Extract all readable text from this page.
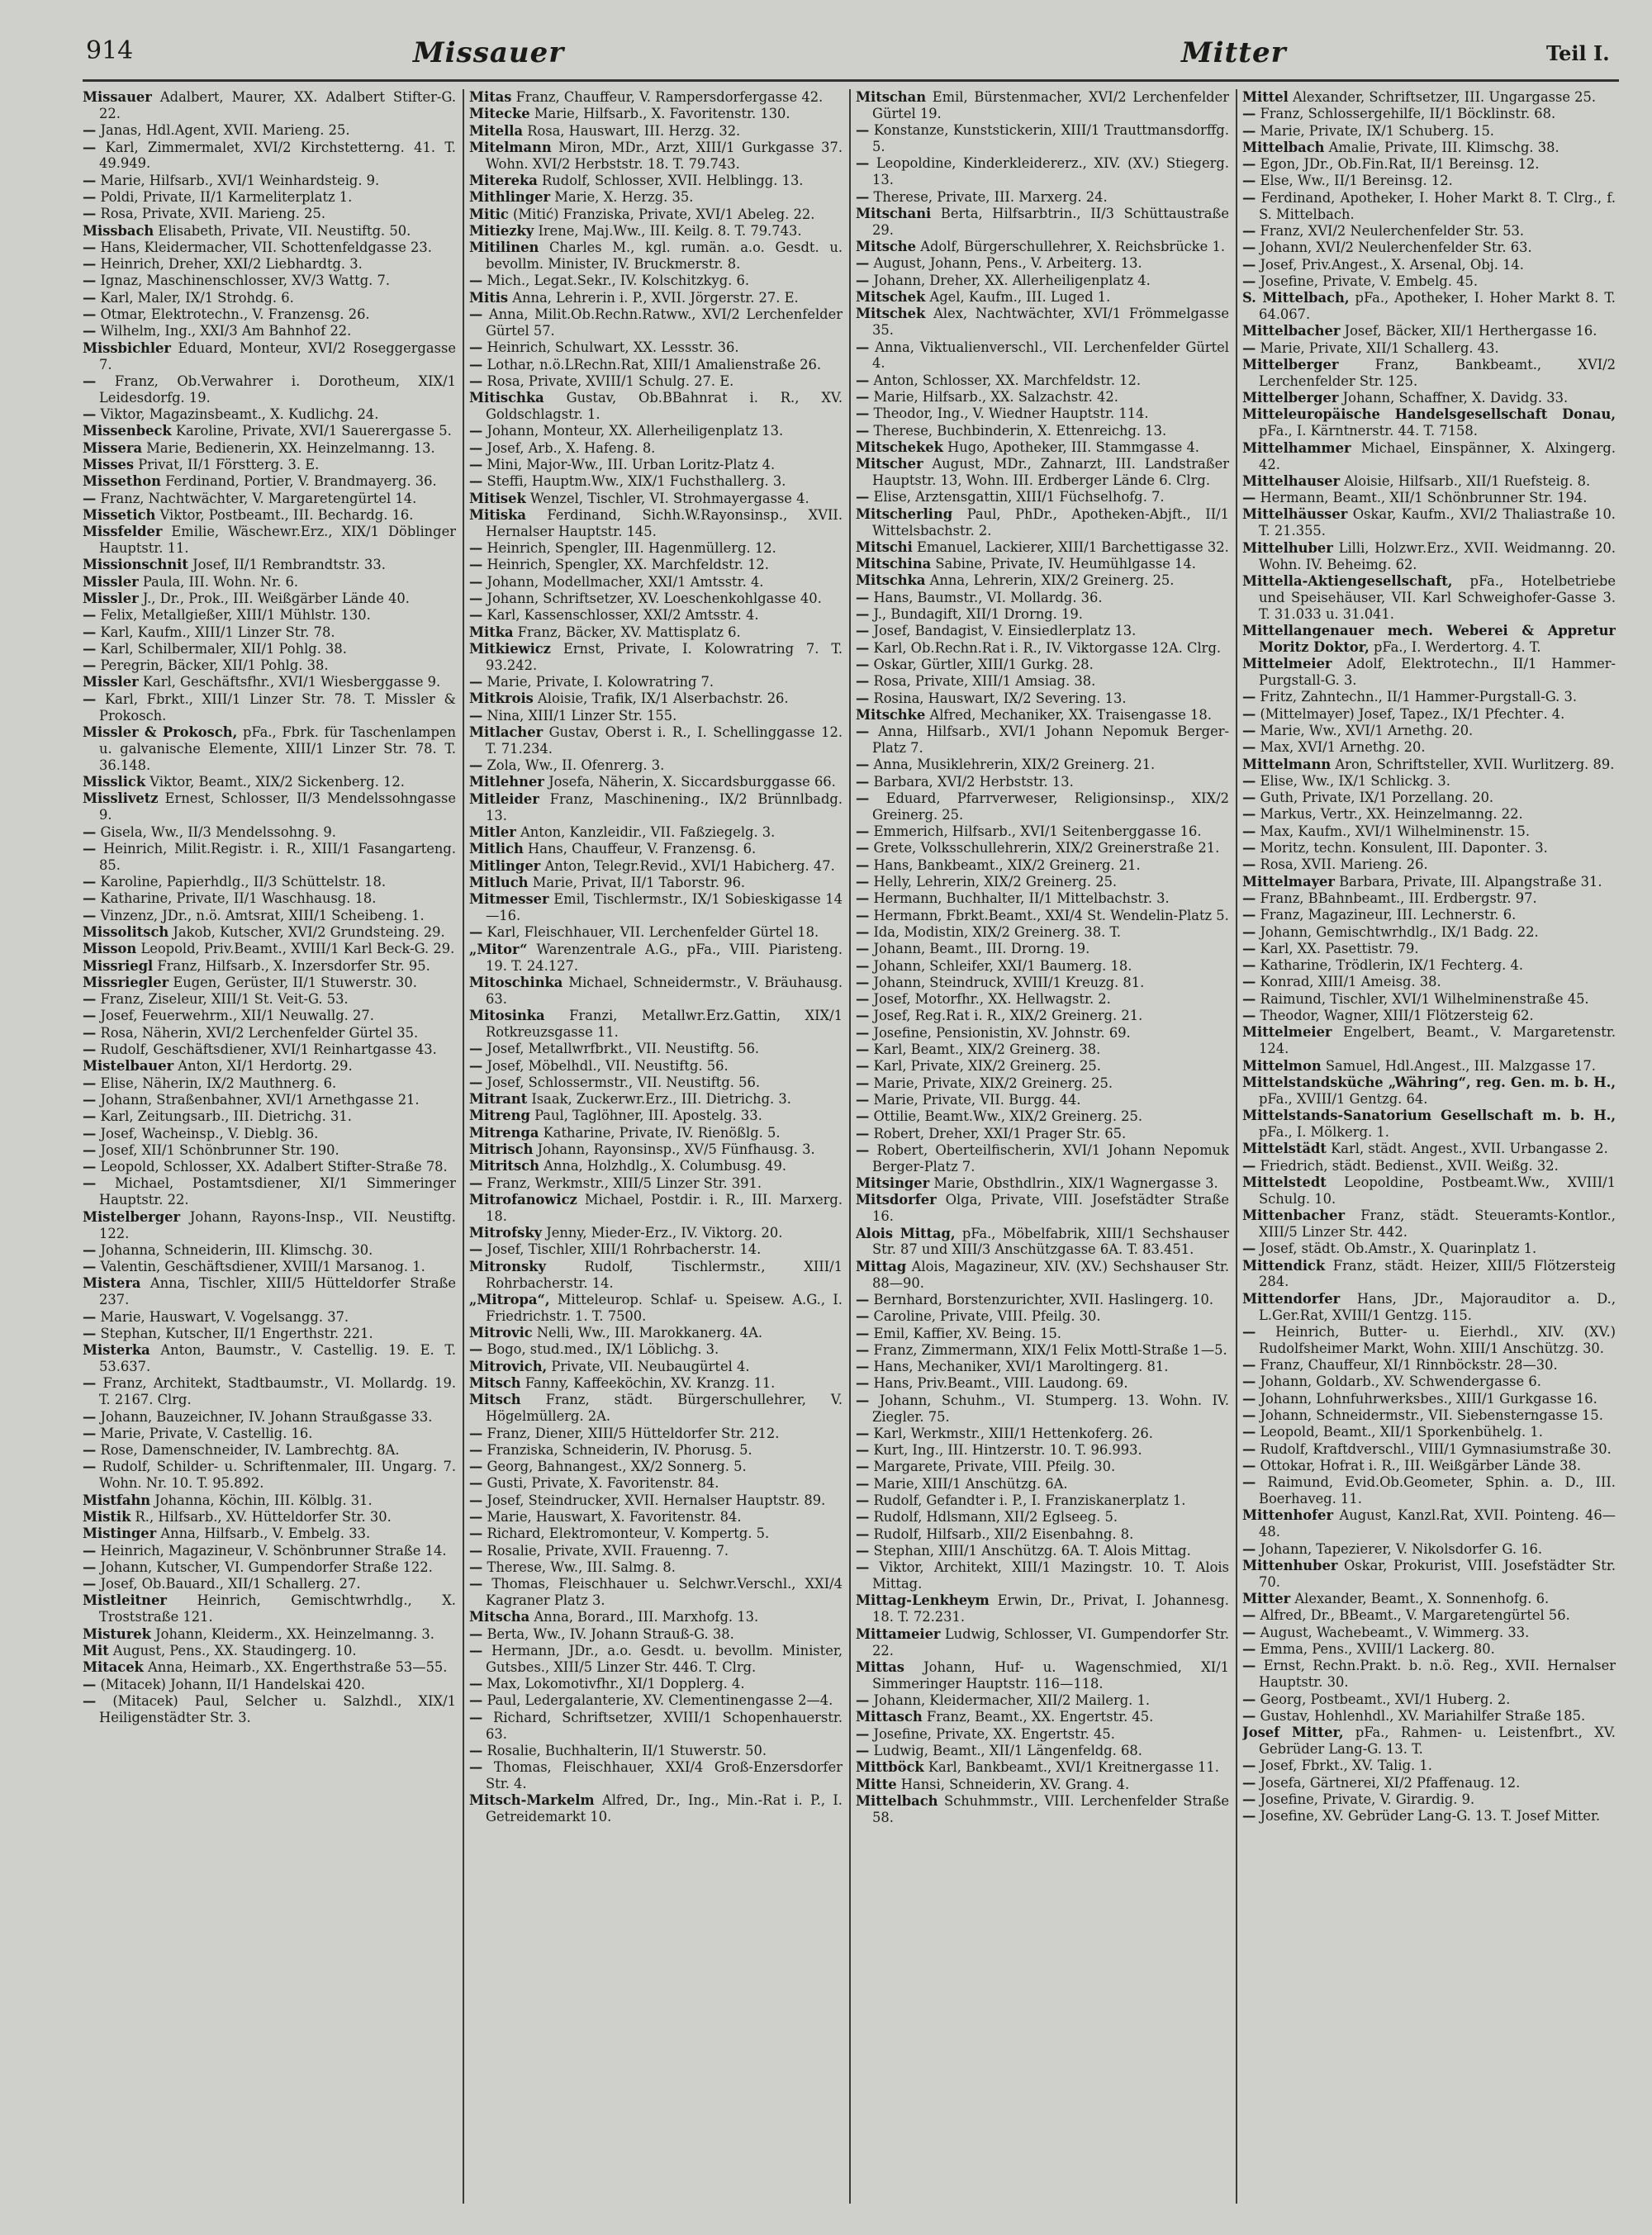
914	Missauer	Mitter	Teil I.
Missauer Adalbert, Maurer, XX. Adalbert Stifter-G. 22.
— Janas, Hdl.Agent, XVII. Marieng. 25.
— Karl, Zimmermalet, XVI/2 Kirchstetterng. 41. T. 49.949.
— Marie, Hilfsarb., XVI/1 Weinhardsteig. 9.
— Poldi, Private, II/1 Karmeliterplatz 1.
— Rosa, Private, XVII. Marieng. 25.
Missbach Elisabeth, Private, VII. Neustiftg. 50.
— Hans, Kleidermacher, VII. Schottenfeldgasse 23.
— Heinrich, Dreher, XXI/2 Liebhardtg. 3.
— Ignaz, Maschinenschlosser, XV/3 Wattg. 7.
— Karl, Maler, IX/1 Strohdg. 6.
— Otmar, Elektrotechn., V. Franzensg. 26.
— Wilhelm, Ing., XXI/3 Am Bahnhof 22.
Missbichler Eduard, Monteur, XVI/2 Roseggergasse 7.
— Franz, Ob.Verwahrer i. Dorotheum, XIX/1 Leidesdorfg. 19.
— Viktor, Magazinsbeamt., X. Kudlichg. 24.
Missenbeck Karoline, Private, XVI/1 Sauerergasse 5.
Missera Marie, Bedienerin, XX. Heinzelmanng. 13.
Misses Privat, II/1 Förstterg. 3. E.
Missethon Ferdinand, Portier, V. Brandmayerg. 36.
— Franz, Nachtwächter, V. Margaretengürtel 14.
Missetich Viktor, Postbeamt., III. Bechardg. 16.
Missfelder Emilie, Wäschewr.Erz., XIX/1 Döblinger Hauptstr. 11.
Missionschnit Josef, II/1 Rembrandtstr. 33.
Missler Paula, III. Wohn. Nr. 6.
Missler J., Dr., Prok., III. Weißgärber Lände 40.
— Felix, Metallgießer, XIII/1 Mühlstr. 130.
— Karl, Kaufm., XIII/1 Linzer Str. 78.
— Karl, Schilbermaler, XII/1 Pohlg. 38.
— Peregrin, Bäcker, XII/1 Pohlg. 38.
Missler Karl, Geschäftsfhr., XVI/1 Wiesberggasse 9.
— Karl, Fbrkt., XIII/1 Linzer Str. 78. T. Missler & Prokosch.
Missler & Prokosch, pFa., Fbrk. für Taschenlampen u. galvanische Elemente, XIII/1 Linzer Str. 78. T. 36.148.
Misslick Viktor, Beamt., XIX/2 Sickenberg. 12.
Misslivetz Ernest, Schlosser, II/3 Mendelssohngasse 9.
— Gisela, Ww., II/3 Mendelssohng. 9.
— Heinrich, Milit.Registr. i. R., XIII/1 Fasangarteng. 85.
— Karoline, Papierhdlg., II/3 Schüttelstr. 18.
— Katharine, Private, II/1 Waschhausg. 18.
— Vinzenz, JDr., n.ö. Amtsrat, XIII/1 Scheibeng. 1.
Missolitsch Jakob, Kutscher, XVI/2 Grundsteing. 29.
Misson Leopold, Priv.Beamt., XVIII/1 Karl Beck-G. 29.
Missriegl Franz, Hilfsarb., X. Inzersdorfer Str. 95.
Missriegler Eugen, Gerüster, II/1 Stuwerstr. 30.
— Franz, Ziseleur, XIII/1 St. Veit-G. 53.
— Josef, Feuerwehrm., XII/1 Neuwallg. 27.
— Rosa, Näherin, XVI/2 Lerchenfelder Gürtel 35.
— Rudolf, Geschäftsdiener, XVI/1 Reinhartgasse 43.
Mistelbauer Anton, XI/1 Herdortg. 29.
— Elise, Näherin, IX/2 Mauthnerg. 6.
— Johann, Straßenbahner, XVI/1 Arnethgasse 21.
— Karl, Zeitungsarb., III. Dietrichg. 31.
— Josef, Wacheinsp., V. Dieblg. 36.
— Josef, XII/1 Schönbrunner Str. 190.
— Leopold, Schlosser, XX. Adalbert Stifter-Straße 78.
— Michael, Postamtsdiener, XI/1 Simmeringer Hauptstr. 22.
Mistelberger Johann, Rayons-Insp., VII. Neustiftg. 122.
— Johanna, Schneiderin, III. Klimschg. 30.
— Valentin, Geschäftsdiener, XVIII/1 Marsanog. 1.
Misterа Anna, Tischler, XIII/5 Hütteldorfer Straße 237.
— Marie, Hauswart, V. Vogelsangg. 37.
— Stephan, Kutscher, II/1 Engerthstr. 221.
Misterka Anton, Baumstr., V. Castellig. 19. E. T. 53.637.
— Franz, Architekt, Stadtbaumstr., VI. Mollardg. 19. T. 2167. Clrg.
— Johann, Bauzeichner, IV. Johann Straußgasse 33.
— Marie, Private, V. Castellig. 16.
— Rose, Damenschneider, IV. Lambrechtg. 8A.
— Rudolf, Schilder- u. Schriftenmaler, III. Ungarg. 7. Wohn. Nr. 10. T. 95.892.
Mistfahn Johanna, Köchin, III. Kölblg. 31.
Mistik R., Hilfsarb., XV. Hütteldorfer Str. 30.
Mistinger Anna, Hilfsarb., V. Embelg. 33.
— Heinrich, Magazineur, V. Schönbrunner Straße 14.
— Johann, Kutscher, VI. Gumpendorfer Straße 122.
— Josef, Ob.Bauard., XII/1 Schallerg. 27.
Mistleitner Heinrich, Gemischtwrhdlg., X. Troststraße 121.
Misturek Johann, Kleiderm., XX. Heinzelmanng. 3.
Mit August, Pens., XX. Staudingerg. 10.
Mitacek Anna, Heimarb., XX. Engerthstraße 53—55.
— (Mitacek) Johann, II/1 Handelskai 420.
— (Mitacek) Paul, Selcher u. Salzhdl., XIX/1 Heiligenstädter Str. 3.
Mitas Franz, Chauffeur, V. Rampersdorfergasse 42.
Mitecke Marie, Hilfsarb., X. Favoritenstr. 130.
Mitella Rosa, Hauswart, III. Herzg. 32.
Mitelmann Miron, MDr., Arzt, XIII/1 Gurkgasse 37. Wohn. XVI/2 Herbststr. 18. T. 79.743.
Mitereka Rudolf, Schlosser, XVII. Helblingg. 13.
Mithlinger Marie, X. Herzg. 35.
Mitic (Mitić) Franziska, Private, XVI/1 Abeleg. 22.
Mitiezky Irene, Maj.Ww., III. Keilg. 8. T. 79.743.
Mitilinen Charles M., kgl. rumän. a.o. Gesdt. u. bevollm. Minister, IV. Bruckmerstr. 8.
— Mich., Legat.Sekr., IV. Kolschitzkyg. 6.
Mitis Anna, Lehrerin i. P., XVII. Jörgerstr. 27. E.
— Anna, Milit.Ob.Rechn.Ratww., XVI/2 Lerchenfelder Gürtel 57.
— Heinrich, Schulwart, XX. Lessstr. 36.
— Lothar, n.ö.LRechn.Rat, XIII/1 Amalienstraße 26.
— Rosa, Private, XVIII/1 Schulg. 27. E.
Mitischka Gustav, Ob.BBahnrat i. R., XV. Goldschlagstr. 1.
— Johann, Monteur, XX. Allerheiligenplatz 13.
— Josef, Arb., X. Hafeng. 8.
— Mini, Major-Ww., III. Urban Loritz-Platz 4.
— Steffi, Hauptm.Ww., XIX/1 Fuchsthallerg. 3.
Mitisek Wenzel, Tischler, VI. Strohmayergasse 4.
Mitiska Ferdinand, Sichh.W.Rayonsinsp., XVII. Hernalser Hauptstr. 145.
— Heinrich, Spengler, III. Hagenmüllerg. 12.
— Heinrich, Spengler, XX. Marchfeldstr. 12.
— Johann, Modellmacher, XXI/1 Amtsstr. 4.
— Johann, Schriftsetzer, XV. Loeschenkohlgasse 40.
— Karl, Kassenschlosser, XXI/2 Amtsstr. 4.
Mitka Franz, Bäcker, XV. Mattisplatz 6.
Mitkiewicz Ernst, Private, I. Kolowratring 7. T. 93.242.
— Marie, Private, I. Kolowratring 7.
Mitkrois Aloisie, Trafik, IX/1 Alserbachstr. 26.
— Nina, XIII/1 Linzer Str. 155.
Mitlacher Gustav, Oberst i. R., I. Schellinggasse 12. T. 71.234.
— Zola, Ww., II. Ofenrerg. 3.
Mitlehner Josefa, Näherin, X. Siccardsburggasse 66.
Mitleider Franz, Maschinening., IX/2 Brünnlbadg. 13.
Mitler Anton, Kanzleidir., VII. Faßziegelg. 3.
Mitlich Hans, Chauffeur, V. Franzensg. 6.
Mitlinger Anton, Telegr.Revid., XVI/1 Habicherg. 47.
Mitluch Marie, Privat, II/1 Taborstr. 96.
Mitmesser Emil, Tischlermstr., IX/1 Sobieskigasse 14—16.
— Karl, Fleischhauer, VII. Lerchenfelder Gürtel 18.
„Mitor“ Warenzentrale A.G., pFa., VIII. Piaristeng. 19. T. 24.127.
Mitoschinka Michael, Schneidermstr., V. Bräuhausg. 63.
Mitosinka Franzi, Metallwr.Erz.Gattin, XIX/1 Rotkreuzsgasse 11.
— Josef, Metallwrfbrkt., VII. Neustiftg. 56.
— Josef, Möbelhdl., VII. Neustiftg. 56.
— Josef, Schlossermstr., VII. Neustiftg. 56.
Mitrant Isaak, Zuckerwr.Erz., III. Dietrichg. 3.
Mitreng Paul, Taglöhner, III. Apostelg. 33.
Mitrenga Katharine, Private, IV. Rienößlg. 5.
Mitrisch Johann, Rayonsinsp., XV/5 Fünfhausg. 3.
Mitritsch Anna, Holzhdlg., X. Columbusg. 49.
— Franz, Werkmstr., XIII/5 Linzer Str. 391.
Mitrofanowicz Michael, Postdir. i. R., III. Marxerg. 18.
Mitrofsky Jenny, Mieder-Erz., IV. Viktorg. 20.
— Josef, Tischler, XIII/1 Rohrbacherstr. 14.
Mitronsky Rudolf, Tischlermstr., XIII/1 Rohrbacherstr. 14.
„Mitropa“, Mitteleurop. Schlaf- u. Speisew. A.G., I. Friedrichstr. 1. T. 7500.
Mitrovic Nelli, Ww., III. Marokkanerg. 4A.
— Bogo, stud.med., IX/1 Löblichg. 3.
Mitrovich, Private, VII. Neubaugürtel 4.
Mitsch Fanny, Kaffeeköchin, XV. Kranzg. 11.
Mitsch Franz, städt. Bürgerschullehrer, V. Högelmüllerg. 2A.
— Franz, Diener, XIII/5 Hütteldorfer Str. 212.
— Franziska, Schneiderin, IV. Phorusg. 5.
— Georg, Bahnangest., XX/2 Sonnerg. 5.
— Gusti, Private, X. Favoritenstr. 84.
— Josef, Steindrucker, XVII. Hernalser Hauptstr. 89.
— Marie, Hauswart, X. Favoritenstr. 84.
— Richard, Elektromonteur, V. Kompertg. 5.
— Rosalie, Private, XVII. Frauenng. 7.
— Therese, Ww., III. Salmg. 8.
— Thomas, Fleischhauer u. Selchwr.Verschl., XXI/4 Kagraner Platz 3.
Mitscha Anna, Borard., III. Marxhofg. 13.
— Berta, Ww., IV. Johann Strauß-G. 38.
— Hermann, JDr., a.o. Gesdt. u. bevollm. Minister, Gutsbes., XIII/5 Linzer Str. 446. T. Clrg.
— Max, Lokomotivfhr., XI/1 Dopplerg. 4.
— Paul, Ledergalanterie, XV. Clementinengasse 2—4.
— Richard, Schriftsetzer, XVIII/1 Schopenhauerstr. 63.
— Rosalie, Buchhalterin, II/1 Stuwerstr. 50.
— Thomas, Fleischhauer, XXI/4 Groß-Enzersdorfer Str. 4.
Mitsch-Markelm Alfred, Dr., Ing., Min.-Rat i. P., I. Getreidemarkt 10.
Mitschan Emil, Bürstenmacher, XVI/2 Lerchenfelder Gürtel 19.
— Konstanze, Kunststickerin, XIII/1 Trauttmansdorffg. 5.
— Leopoldine, Kinderkleidererz., XIV. (XV.) Stiegerg. 13.
— Therese, Private, III. Marxerg. 24.
Mitschani Berta, Hilfsarbtrin., II/3 Schüttaustraße 29.
Mitsche Adolf, Bürgerschullehrer, X. Reichsbrücke 1.
— August, Johann, Pens., V. Arbeiterg. 13.
— Johann, Dreher, XX. Allerheiligenplatz 4.
Mitschek Agel, Kaufm., III. Luged 1.
Mitschek Alex, Nachtwächter, XVI/1 Frömmelgasse 35.
— Anna, Viktualienverschl., VII. Lerchenfelder Gürtel 4.
— Anton, Schlosser, XX. Marchfeldstr. 12.
— Marie, Hilfsarb., XX. Salzachstr. 42.
— Theodor, Ing., V. Wiedner Hauptstr. 114.
— Therese, Buchbinderin, X. Ettenreichg. 13.
Mitschekek Hugo, Apotheker, III. Stammgasse 4.
Mitscher August, MDr., Zahnarzt, III. Landstraßer Hauptstr. 13, Wohn. III. Erdberger Lände 6. Clrg.
— Elise, Arztensgattin, XIII/1 Füchselhofg. 7.
Mitscherling Paul, PhDr., Apotheken-Abjft., II/1 Wittelsbachstr. 2.
Mitschi Emanuel, Lackierer, XIII/1 Barchettigasse 32.
Mitschina Sabine, Private, IV. Heumühlgasse 14.
Mitschka Anna, Lehrerin, XIX/2 Greinerg. 25.
— Hans, Baumstr., VI. Mollardg. 36.
— J., Bundagift, XII/1 Drorng. 19.
— Josef, Bandagist, V. Einsiedlerplatz 13.
— Karl, Ob.Rechn.Rat i. R., IV. Viktorgasse 12A. Clrg.
— Oskar, Gürtler, XIII/1 Gurkg. 28.
— Rosa, Private, XIII/1 Amsiag. 38.
— Rosina, Hauswart, IX/2 Severing. 13.
Mitschke Alfred, Mechaniker, XX. Traisengasse 18.
— Anna, Hilfsarb., XVI/1 Johann Nepomuk Berger-Platz 7.
— Anna, Musiklehrerin, XIX/2 Greinerg. 21.
— Barbara, XVI/2 Herbststr. 13.
— Eduard, Pfarrverweser, Religionsinsp., XIX/2 Greinerg. 25.
— Emmerich, Hilfsarb., XVI/1 Seitenberggasse 16.
— Grete, Volksschullehrerin, XIX/2 Greinerstraße 21.
— Hans, Bankbeamt., XIX/2 Greinerg. 21.
— Helly, Lehrerin, XIX/2 Greinerg. 25.
— Hermann, Buchhalter, II/1 Mittelbachstr. 3.
— Hermann, Fbrkt.Beamt., XXI/4 St. Wendelin-Platz 5.
— Ida, Modistin, XIX/2 Greinerg. 38. T.
— Johann, Beamt., III. Drorng. 19.
— Johann, Schleifer, XXI/1 Baumerg. 18.
— Johann, Steindruck, XVIII/1 Kreuzg. 81.
— Josef, Motorfhr., XX. Hellwagstr. 2.
— Josef, Reg.Rat i. R., XIX/2 Greinerg. 21.
— Josefine, Pensionistin, XV. Johnstr. 69.
— Karl, Beamt., XIX/2 Greinerg. 38.
— Karl, Private, XIX/2 Greinerg. 25.
— Marie, Private, XIX/2 Greinerg. 25.
— Marie, Private, VII. Burgg. 44.
— Ottilie, Beamt.Ww., XIX/2 Greinerg. 25.
— Robert, Dreher, XXI/1 Prager Str. 65.
— Robert, Oberteilfischerin, XVI/1 Johann Nepomuk Berger-Platz 7.
Mitsinger Marie, Obsthdlrin., XIX/1 Wagnergasse 3.
Mitsdorfer Olga, Private, VIII. Josefstädter Straße 16.
Alois Mittag, pFa., Möbelfabrik, XIII/1 Sechshauser Str. 87 und XIII/3 Anschützgasse 6A. T. 83.451.
Mittag Alois, Magazineur, XIV. (XV.) Sechshauser Str. 88—90.
— Bernhard, Borstenzurichter, XVII. Haslingerg. 10.
— Caroline, Private, VIII. Pfeilg. 30.
— Emil, Kaffier, XV. Being. 15.
— Franz, Zimmermann, XIX/1 Felix Mottl-Straße 1—5.
— Hans, Mechaniker, XVI/1 Maroltingerg. 81.
— Hans, Priv.Beamt., VIII. Laudong. 69.
— Johann, Schuhm., VI. Stumperg. 13. Wohn. IV. Ziegler. 75.
— Karl, Werkmstr., XIII/1 Hettenkoferg. 26.
— Kurt, Ing., III. Hintzerstr. 10. T. 96.993.
— Margarete, Private, VIII. Pfeilg. 30.
— Marie, XIII/1 Anschützg. 6A.
— Rudolf, Gefandter i. P., I. Franziskanerplatz 1.
— Rudolf, Hdlsmann, XII/2 Eglseeg. 5.
— Rudolf, Hilfsarb., XII/2 Eisenbahng. 8.
— Stephan, XIII/1 Anschützg. 6A. T. Alois Mittag.
— Viktor, Architekt, XIII/1 Mazingstr. 10. T. Alois Mittag.
Mittag-Lenkheym Erwin, Dr., Privat, I. Johannesg. 18. T. 72.231.
Mittameier Ludwig, Schlosser, VI. Gumpendorfer Str. 22.
Mittas Johann, Huf- u. Wagenschmied, XI/1 Simmeringer Hauptstr. 116—118.
— Johann, Kleidermacher, XII/2 Mailerg. 1.
Mittasch Franz, Beamt., XX. Engertstr. 45.
— Josefine, Private, XX. Engertstr. 45.
— Ludwig, Beamt., XII/1 Längenfeldg. 68.
Mittböck Karl, Bankbeamt., XVI/1 Kreitnergasse 11.
Mitte Hansi, Schneiderin, XV. Grang. 4.
Mittelbach Schuhmmstr., VIII. Lerchenfelder Straße 58.
Mittel Alexander, Schriftsetzer, III. Ungargasse 25.
— Franz, Schlossergehilfe, II/1 Böcklinstr. 68.
— Marie, Private, IX/1 Schuberg. 15.
Mittelbach Amalie, Private, III. Klimschg. 38.
— Egon, JDr., Ob.Fin.Rat, II/1 Bereinsg. 12.
— Else, Ww., II/1 Bereinsg. 12.
— Ferdinand, Apotheker, I. Hoher Markt 8. T. Clrg., f. S. Mittelbach.
— Franz, XVI/2 Neulerchenfelder Str. 53.
— Johann, XVI/2 Neulerchenfelder Str. 63.
— Josef, Priv.Angest., X. Arsenal, Obj. 14.
— Josefine, Private, V. Embelg. 45.
S. Mittelbach, pFa., Apotheker, I. Hoher Markt 8. T. 64.067.
Mittelbacher Josef, Bäcker, XII/1 Herthergasse 16.
— Marie, Private, XII/1 Schallerg. 43.
Mittelberger Franz, Bankbeamt., XVI/2 Lerchenfelder Str. 125.
Mittelberger Johann, Schaffner, X. Davidg. 33.
Mitteleuropäische Handelsgesellschaft Donau, pFa., I. Kärntnerstr. 44. T. 7158.
Mittelhammer Michael, Einspänner, X. Alxingerg. 42.
Mittelhauser Aloisie, Hilfsarb., XII/1 Ruefsteig. 8.
— Hermann, Beamt., XII/1 Schönbrunner Str. 194.
Mittelhäusser Oskar, Kaufm., XVI/2 Thaliastraße 10. T. 21.355.
Mittelhuber Lilli, Holzwr.Erz., XVII. Weidmanng. 20. Wohn. IV. Beheimg. 62.
Mittella-Aktiengesellschaft, pFa., Hotelbetriebe und Speisehäuser, VII. Karl Schweighofer-Gasse 3. T. 31.033 u. 31.041.
Mittellangenauer mech. Weberei & Appretur Moritz Doktor, pFa., I. Werdertorg. 4. T.
Mittelmeier Adolf, Elektrotechn., II/1 Hammer-Purgstall-G. 3.
— Fritz, Zahntechn., II/1 Hammer-Purgstall-G. 3.
— (Mittelmayer) Josef, Tapez., IX/1 Pfechtег. 4.
— Marie, Ww., XVI/1 Arnethg. 20.
— Max, XVI/1 Arnethg. 20.
Mittelmann Aron, Schriftsteller, XVII. Wurlitzerg. 89.
— Elise, Ww., IX/1 Schlickg. 3.
— Guth, Private, IX/1 Porzellang. 20.
— Markus, Vertr., XX. Heinzelmanng. 22.
— Max, Kaufm., XVI/1 Wilhelminenstr. 15.
— Moritz, techn. Konsulent, III. Dapontег. 3.
— Rosa, XVII. Marieng. 26.
Mittelmayer Barbara, Private, III. Alpangstraße 31.
— Franz, BBahnbeamt., III. Erdbergstr. 97.
— Franz, Magazineur, III. Lechnerstr. 6.
— Johann, Gemischtwrhdlg., IX/1 Badg. 22.
— Karl, XX. Pasettistr. 79.
— Katharine, Trödlerin, IX/1 Fechterg. 4.
— Konrad, XIII/1 Ameisg. 38.
— Raimund, Tischler, XVI/1 Wilhelminenstraße 45.
— Theodor, Wagner, XIII/1 Flötzersteig 62.
Mittelmeier Engelbert, Beamt., V. Margaretenstr. 124.
Mittelmon Samuel, Hdl.Angest., III. Malzgasse 17.
Mittelstandsküche „Währing“, reg. Gen. m. b. H., pFa., XVIII/1 Gentzg. 64.
Mittelstands-Sanatorium Gesellschaft m. b. H., pFa., I. Mölkerg. 1.
Mittelstädt Karl, städt. Angest., XVII. Urbangasse 2.
— Friedrich, städt. Bedienst., XVII. Weißg. 32.
Mittelstedt Leopoldine, Postbeamt.Ww., XVIII/1 Schulg. 10.
Mittenbacher Franz, städt. Steueramts-Kontlor., XIII/5 Linzer Str. 442.
— Josef, städt. Ob.Amstr., X. Quarinplatz 1.
Mittendick Franz, städt. Heizer, XIII/5 Flötzersteig 284.
Mittendorfer Hans, JDr., Majorauditor a. D., L.Ger.Rat, XVIII/1 Gentzg. 115.
— Heinrich, Butter- u. Eierhdl., XIV. (XV.) Rudolfsheimer Markt, Wohn. XIII/1 Anschützg. 30.
— Franz, Chauffeur, XI/1 Rinnböckstr. 28—30.
— Johann, Goldarb., XV. Schwendergasse 6.
— Johann, Lohnfuhrwerksbes., XIII/1 Gurkgasse 16.
— Johann, Schneidermstr., VII. Siebensterngasse 15.
— Leopold, Beamt., XII/1 Sporkenbühelg. 1.
— Rudolf, Kraftdverschl., VIII/1 Gymnasiumstraße 30.
— Ottokar, Hofrat i. R., III. Weißgärber Lände 38.
— Raimund, Evid.Ob.Geometer, Sphin. a. D., III. Boerhaveg. 11.
Mittenhofer August, Kanzl.Rat, XVII. Pointeng. 46—48.
— Johann, Tapezierer, V. Nikolsdorfer G. 16.
Mittenhuber Oskar, Prokurist, VIII. Josefstädter Str. 70.
Mitter Alexander, Beamt., X. Sonnenhofg. 6.
— Alfred, Dr., BBeamt., V. Margaretengürtel 56.
— August, Wachebeamt., V. Wimmerg. 33.
— Emma, Pens., XVIII/1 Lackerg. 80.
— Ernst, Rechn.Prakt. b. n.ö. Reg., XVII. Hernalser Hauptstr. 30.
— Georg, Postbeamt., XVI/1 Huberg. 2.
— Gustav, Hohlenhdl., XV. Mariahilfer Straße 185.
Josef Mitter, pFa., Rahmen- u. Leistenfbrt., XV. Gebrüder Lang-G. 13. T.
— Josef, Fbrkt., XV. Talig. 1.
— Josefa, Gärtnerei, XI/2 Pfaffenaug. 12.
— Josefine, Private, V. Girardig. 9.
— Josefine, XV. Gebrüder Lang-G. 13. T. Josef Mitter.
